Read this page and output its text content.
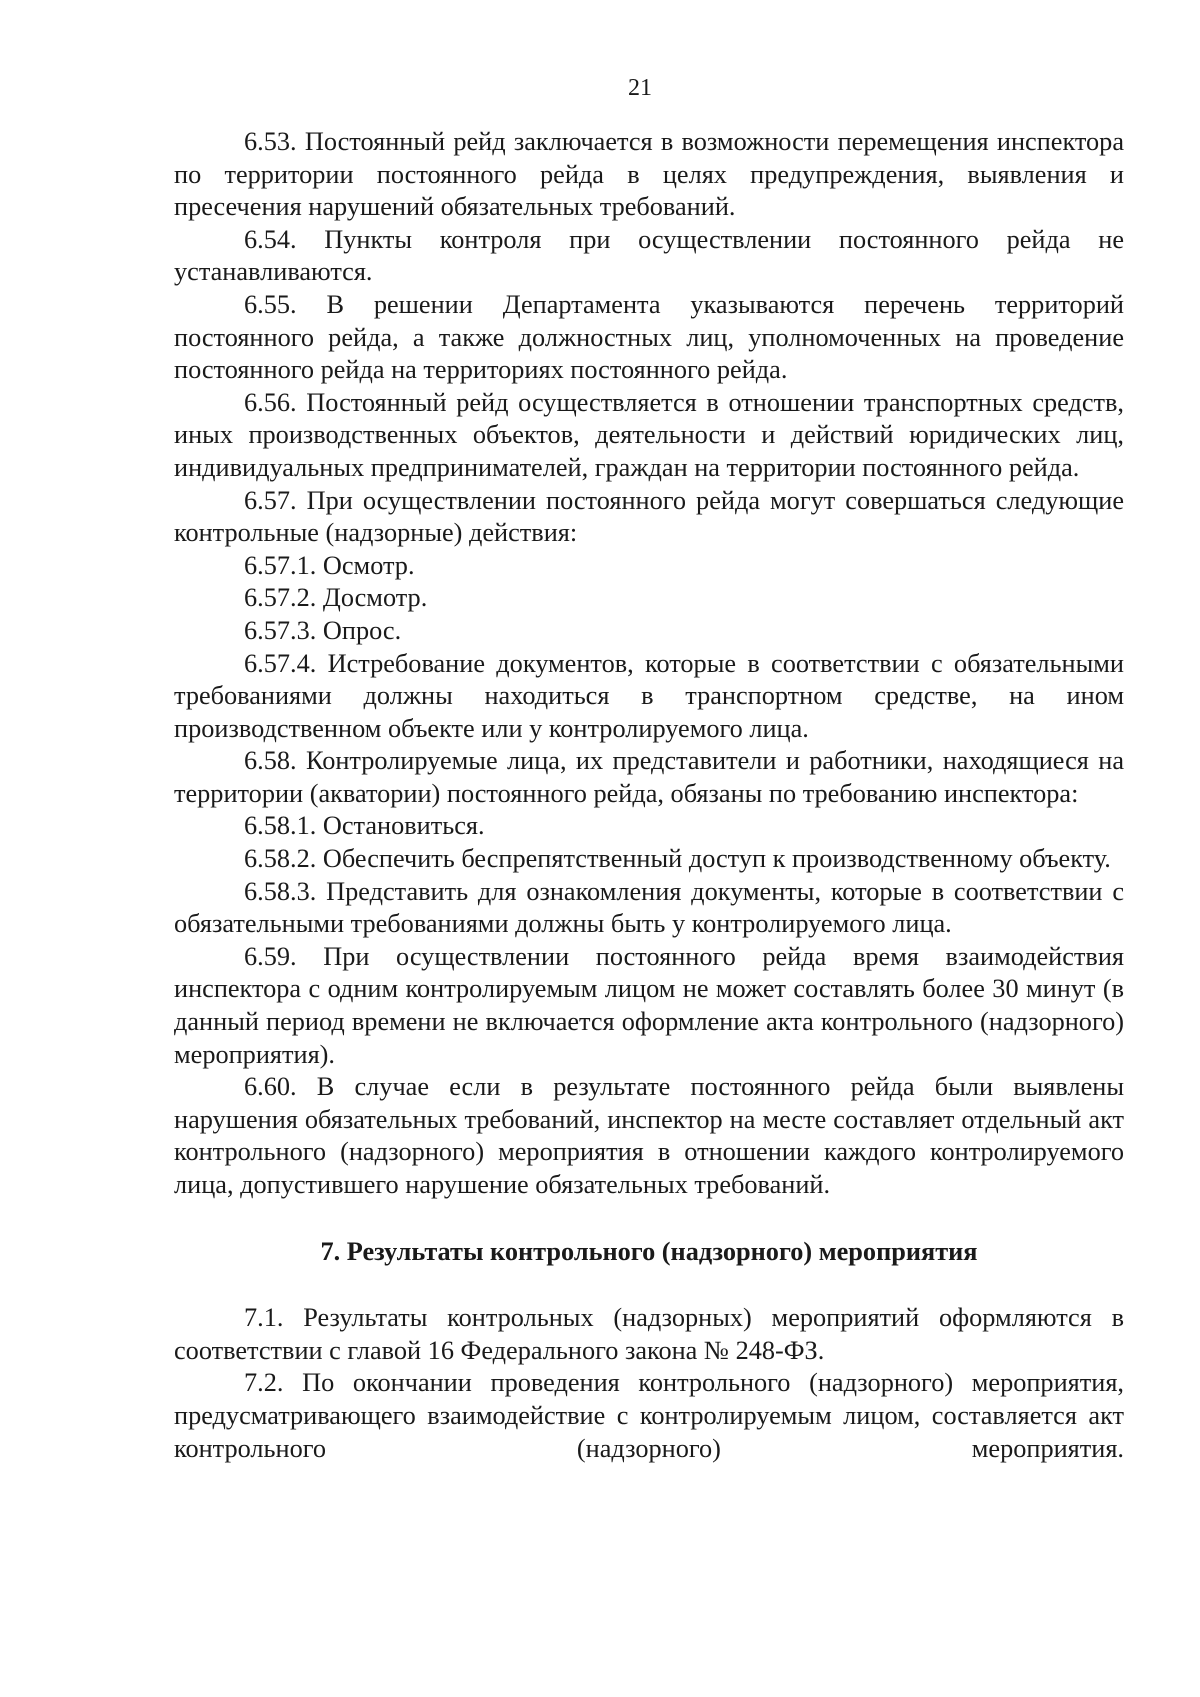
21

6.53. Постоянный рейд заключается в возможности перемещения инспектора по территории постоянного рейда в целях предупреждения, выявления и пресечения нарушений обязательных требований.

6.54. Пункты контроля при осуществлении постоянного рейда не устанавливаются.

6.55. В решении Департамента указываются перечень территорий постоянного рейда, а также должностных лиц, уполномоченных на проведение постоянного рейда на территориях постоянного рейда.

6.56. Постоянный рейд осуществляется в отношении транспортных средств, иных производственных объектов, деятельности и действий юридических лиц, индивидуальных предпринимателей, граждан на территории постоянного рейда.

6.57. При осуществлении постоянного рейда могут совершаться следующие контрольные (надзорные) действия:

6.57.1. Осмотр.

6.57.2. Досмотр.

6.57.3. Опрос.

6.57.4. Истребование документов, которые в соответствии с обязательными требованиями должны находиться в транспортном средстве, на ином производственном объекте или у контролируемого лица.

6.58. Контролируемые лица, их представители и работники, находящиеся на территории (акватории) постоянного рейда, обязаны по требованию инспектора:

6.58.1. Остановиться.

6.58.2. Обеспечить беспрепятственный доступ к производственному объекту.

6.58.3. Представить для ознакомления документы, которые в соответствии с обязательными требованиями должны быть у контролируемого лица.

6.59. При осуществлении постоянного рейда время взаимодействия инспектора с одним контролируемым лицом не может составлять более 30 минут (в данный период времени не включается оформление акта контрольного (надзорного) мероприятия).

6.60. В случае если в результате постоянного рейда были выявлены нарушения обязательных требований, инспектор на месте составляет отдельный акт контрольного (надзорного) мероприятия в отношении каждого контролируемого лица, допустившего нарушение обязательных требований.

7. Результаты контрольного (надзорного) мероприятия

7.1. Результаты контрольных (надзорных) мероприятий оформляются в соответствии с главой 16 Федерального закона № 248-ФЗ.

7.2. По окончании проведения контрольного (надзорного) мероприятия, предусматривающего взаимодействие с контролируемым лицом, составляется акт контрольного (надзорного) мероприятия.
